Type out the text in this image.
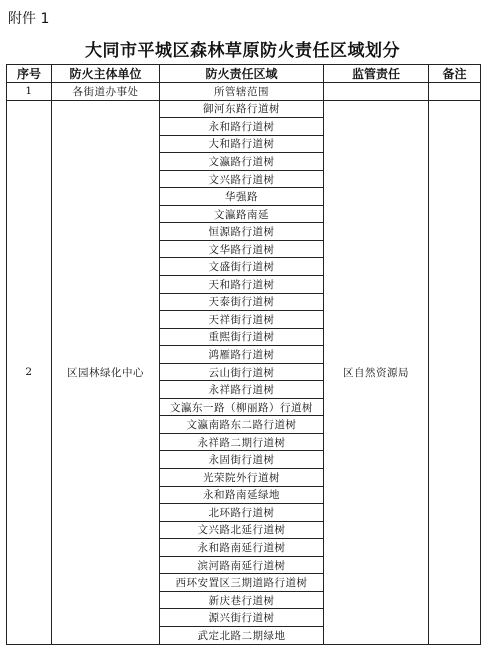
附件 1
大同市平城区森林草原防火责任区域划分
序号	防火主体单位	防火责任区域	监管责任	备注
1	各街道办事处	所管辖范围		
2	区园林绿化中心	御河东路行道树	区自然资源局	
		永和路行道树		
		大和路行道树		
		文瀛路行道树		
		文兴路行道树		
		华强路		
		文瀛路南延		
		恒源路行道树		
		文华路行道树		
		文盛街行道树		
		天和路行道树		
		天泰街行道树		
		天祥街行道树		
		重熙街行道树		
		鸿雁路行道树		
		云山街行道树		
		永祥路行道树		
		文瀛东一路（柳丽路）行道树		
		文瀛南路东二路行道树		
		永祥路二期行道树		
		永固街行道树		
		光荣院外行道树		
		永和路南延绿地		
		北环路行道树		
		文兴路北延行道树		
		永和路南延行道树		
		滨河路南延行道树		
		西环安置区三期道路行道树		
		新庆巷行道树		
		源兴街行道树		
		武定北路二期绿地		
